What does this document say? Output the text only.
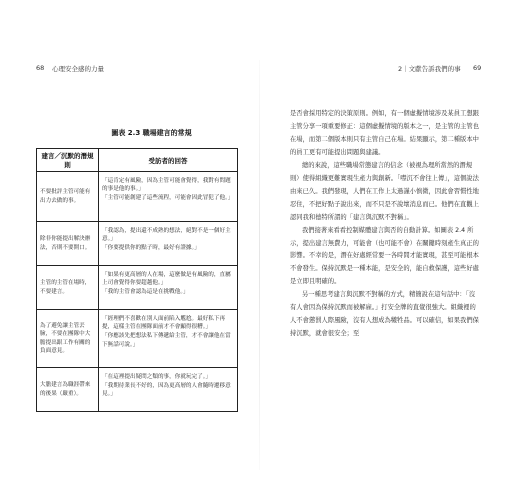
68 心理安全感的力量	2｜文獻告訴我們的事 69
圖表 2.3 職場建言的常規
建言／沉默的潛規則	受訪者的回答
不要批評主管可能有出力去做的事。	「這肯定有風險，因為主管可能會覺得，我對有問題的事是他的事。」
「主管可能創建了這些流程，可能會因此冒犯了他。」

除非你能提出解決辦法，否則不要開口。	「我認為，提出還不成熟的想法，絕對不是一個好主意。」
「你要提供你的點子時，最好有證據。」

主管的主管在場時，不要建言。	「如果有更高層的人在場，這麼做是有風險的，直屬上司會覺得你要超越他。」
「我的主管會認為這是在挑戰他。」

為了避免讓主管丟臉，不要在團隊中大膽提出跟工作有關的負面意見。	「經理們不喜歡在別人面前陷入尷尬。最好私下再提，這樣主管在團隊面前才不會顯得很糟。」
「你應該先把想法私下傳遞給主管，才不會讓他在當下無話可說。」

大膽建言為職涯帶來的後果（嚴重）。	「在這裡提出疑問之類的事，你就玩完了。」
「我期待業長不好的，因為更高層的人會隨時遷移意見。」

是否會採用特定的決策原則。例如，有一個虛擬情境涉及某員工想跟主管分享一項重要修正：這個虛擬情境的版本之一，是主管的主管也在場，而第二個版本則只有主管自己在場。結果顯示，第二種版本中的員工更有可能提出問題與建議。

總的來說，這些職場常態建言的信念（被視為理所當然的潛規則）使得組織更難實現生產力與創新。「噤沉不會往上傳」，這個說法由來已久。我們發現，人們在工作上太過謹小慎微，因此會習慣性地忍住，不把好點子說出來，而不只是不說壞消息而已。他們在直觀上認同我和德特所謂的「建言與沉默不對稱」。

我們接著來看看控制媒體建言與否的自動計算。如圖表 2.4 所示，提出建言無費力，可能會（也可能不會）在關鍵時刻產生真正的影響。不幸的是，潛在好處經常要一各時間才能實現，甚至可能根本不會發生。保持沉默是一種本能，是安全的，能自救保護，這些好處是立即且明確的。

另一種思考建言與沉默不對稱的方式，精簡說在這句話中：「沒有人會因為保持沉默而被解雇。」打安全牌的直覺很強大。組織裡的人不會懲罰人際風險，沒有人想成為犧牲品。可以確信，如果我們保持沉默，就會很安全；至
